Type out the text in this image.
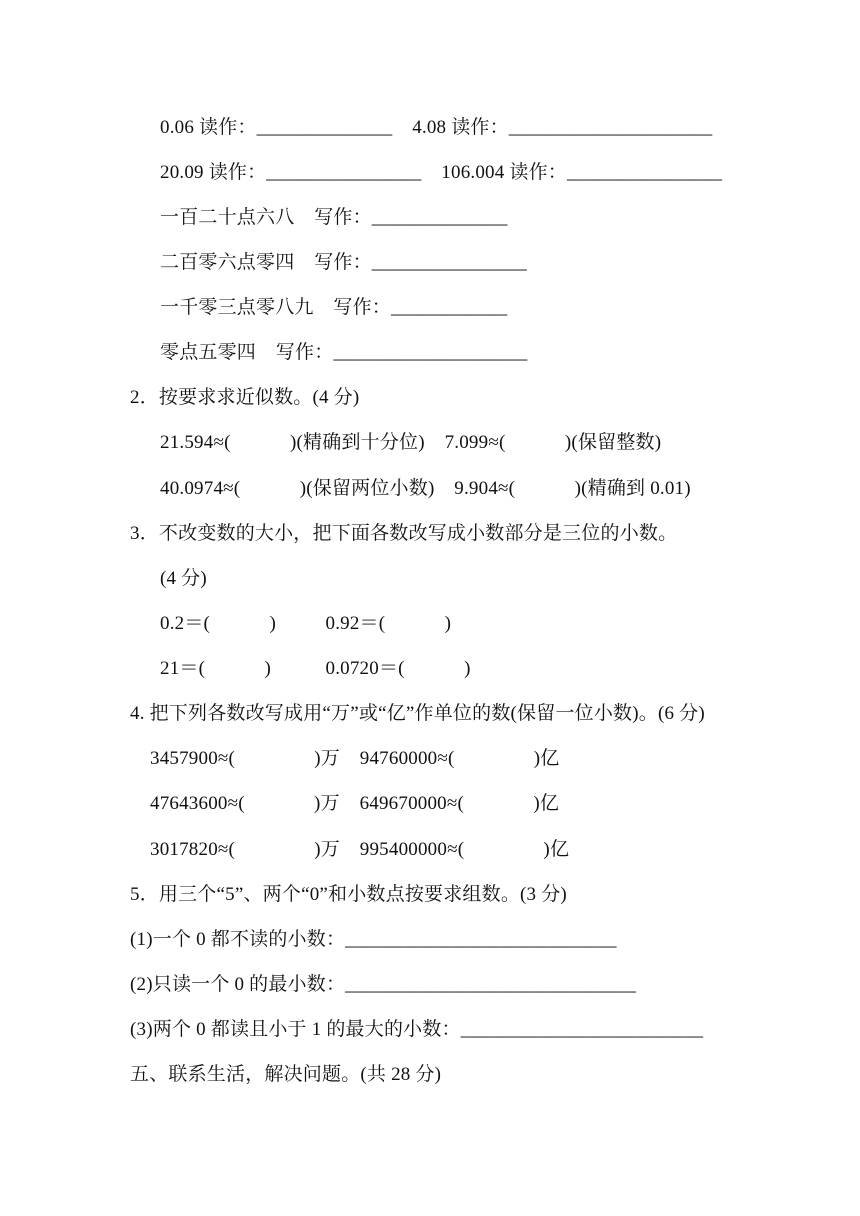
0.06 读作：______________    4.08 读作：_____________________
20.09 读作：________________    106.004 读作：________________
一百二十点六八    写作：______________
二百零六点零四    写作：________________
一千零三点零八九    写作：____________
零点五零四    写作：____________________
2．按要求求近似数。(4 分)
21.594≈(            )(精确到十分位)    7.099≈(            )(保留整数)
40.0974≈(            )(保留两位小数)    9.904≈(            )(精确到 0.01)
3．不改变数的大小，把下面各数改写成小数部分是三位的小数。
(4 分)
0.2＝(            )          0.92＝(            )
21＝(            )           0.0720＝(            )
4. 把下列各数改写成用“万”或“亿”作单位的数(保留一位小数)。(6 分)
3457900≈(                )万    94760000≈(                )亿
47643600≈(              )万    649670000≈(              )亿
3017820≈(                )万    995400000≈(                )亿
5．用三个“5”、两个“0”和小数点按要求组数。(3 分)
(1)一个 0 都不读的小数：____________________________
(2)只读一个 0 的最小数：______________________________
(3)两个 0 都读且小于 1 的最大的小数：_________________________
五、联系生活，解决问题。(共 28 分)
